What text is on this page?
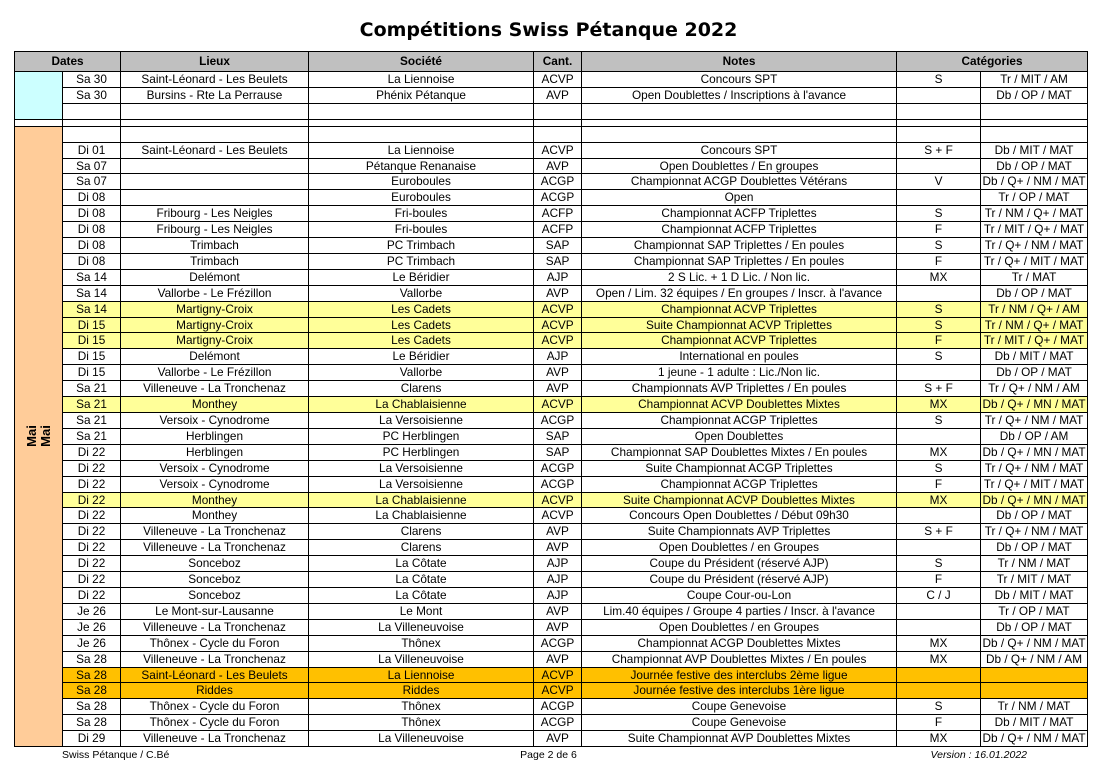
Compétitions Swiss Pétanque 2022
Dates		Lieux	Société	Cant.	Notes	Catégories	
	Sa 30	Saint-Léonard - Les Beulets	La Liennoise	ACVP	Concours SPT	S	Tr / MIT / AM
	Sa 30	Bursins - Rte La Perrause	Phénix Pétanque	AVP	Open Doublettes / Inscriptions à l'avance		Db / OP / MAT

Mai Mai							

	Di 01	Saint-Léonard - Les Beulets	La Liennoise	ACVP	Concours SPT	S + F	Db / MIT / MAT
	Sa 07		Pétanque Renanaise	AVP	Open Doublettes / En groupes		Db / OP / MAT
	Sa 07		Euroboules	ACGP	Championnat ACGP Doublettes Vétérans	V	Db / Q+ / NM / MAT
	Di 08		Euroboules	ACGP	Open		Tr / OP / MAT
	Di 08	Fribourg - Les Neigles	Fri-boules	ACFP	Championnat ACFP Triplettes	S	Tr / NM / Q+ / MAT
	Di 08	Fribourg - Les Neigles	Fri-boules	ACFP	Championnat ACFP Triplettes	F	Tr / MIT / Q+ / MAT
	Di 08	Trimbach	PC Trimbach	SAP	Championnat SAP Triplettes / En poules	S	Tr / Q+ / NM / MAT
	Di 08	Trimbach	PC Trimbach	SAP	Championnat SAP Triplettes / En poules	F	Tr / Q+ / MIT / MAT
	Sa 14	Delémont	Le Béridier	AJP	2 S Lic. + 1 D Lic. / Non lic.	MX	Tr / MAT
	Sa 14	Vallorbe - Le Frézillon	Vallorbe	AVP	Open / Lim. 32 équipes / En groupes / Inscr. à l'avance		Db / OP / MAT
	Sa 14	Martigny-Croix	Les Cadets	ACVP	Championnat ACVP Triplettes	S	Tr / NM / Q+ / AM
	Di 15	Martigny-Croix	Les Cadets	ACVP	Suite Championnat ACVP Triplettes	S	Tr / NM / Q+ / MAT
	Di 15	Martigny-Croix	Les Cadets	ACVP	Championnat ACVP Triplettes	F	Tr / MIT / Q+ / MAT
	Di 15	Delémont	Le Béridier	AJP	International en poules	S	Db / MIT / MAT
	Di 15	Vallorbe - Le Frézillon	Vallorbe	AVP	1 jeune - 1 adulte : Lic./Non lic.		Db / OP / MAT
	Sa 21	Villeneuve - La Tronchenaz	Clarens	AVP	Championnats AVP Triplettes / En poules	S + F	Tr / Q+ / NM / AM
	Sa 21	Monthey	La Chablaisienne	ACVP	Championnat ACVP Doublettes Mixtes	MX	Db / Q+ / MN / MAT
	Sa 21	Versoix - Cynodrome	La Versoisienne	ACGP	Championnat ACGP Triplettes	S	Tr / Q+ / NM / MAT
	Sa 21	Herblingen	PC Herblingen	SAP	Open Doublettes		Db / OP / AM
	Di 22	Herblingen	PC Herblingen	SAP	Championnat SAP Doublettes Mixtes / En poules	MX	Db / Q+ / MN / MAT
	Di 22	Versoix - Cynodrome	La Versoisienne	ACGP	Suite Championnat ACGP Triplettes	S	Tr / Q+ / NM / MAT
	Di 22	Versoix - Cynodrome	La Versoisienne	ACGP	Championnat ACGP Triplettes	F	Tr / Q+ / MIT / MAT
	Di 22	Monthey	La Chablaisienne	ACVP	Suite Championnat ACVP Doublettes Mixtes	MX	Db / Q+ / MN / MAT
	Di 22	Monthey	La Chablaisienne	ACVP	Concours Open Doublettes / Début 09h30		Db / OP / MAT
	Di 22	Villeneuve - La Tronchenaz	Clarens	AVP	Suite Championnats AVP Triplettes	S + F	Tr / Q+ / NM / MAT
	Di 22	Villeneuve - La Tronchenaz	Clarens	AVP	Open Doublettes / en Groupes		Db / OP / MAT
	Di 22	Sonceboz	La Côtate	AJP	Coupe du Président (réservé AJP)	S	Tr / NM / MAT
	Di 22	Sonceboz	La Côtate	AJP	Coupe du Président (réservé AJP)	F	Tr / MIT / MAT
	Di 22	Sonceboz	La Côtate	AJP	Coupe Cour-ou-Lon	C / J	Db / MIT / MAT
	Je 26	Le Mont-sur-Lausanne	Le Mont	AVP	Lim.40 équipes / Groupe 4 parties / Inscr. à l'avance		Tr / OP / MAT
	Je 26	Villeneuve - La Tronchenaz	La Villeneuvoise	AVP	Open Doublettes / en Groupes		Db / OP / MAT
	Je 26	Thônex - Cycle du Foron	Thônex	ACGP	Championnat ACGP Doublettes Mixtes	MX	Db / Q+ / NM / MAT
	Sa 28	Villeneuve - La Tronchenaz	La Villeneuvoise	AVP	Championnat AVP Doublettes Mixtes / En poules	MX	Db / Q+ / NM / AM
	Sa 28	Saint-Léonard - Les Beulets	La Liennoise	ACVP	Journée festive des interclubs 2ème ligue		
	Sa 28	Riddes	Riddes	ACVP	Journée festive des interclubs 1ère ligue		
	Sa 28	Thônex - Cycle du Foron	Thônex	ACGP	Coupe Genevoise	S	Tr / NM / MAT
	Sa 28	Thônex - Cycle du Foron	Thônex	ACGP	Coupe Genevoise	F	Db / MIT / MAT
	Di 29	Villeneuve - La Tronchenaz	La Villeneuvoise	AVP	Suite Championnat AVP Doublettes Mixtes	MX	Db / Q+ / NM / MAT
Swiss Pétanque / C.Bé	Page 2 de 6	Version : 16.01.2022
